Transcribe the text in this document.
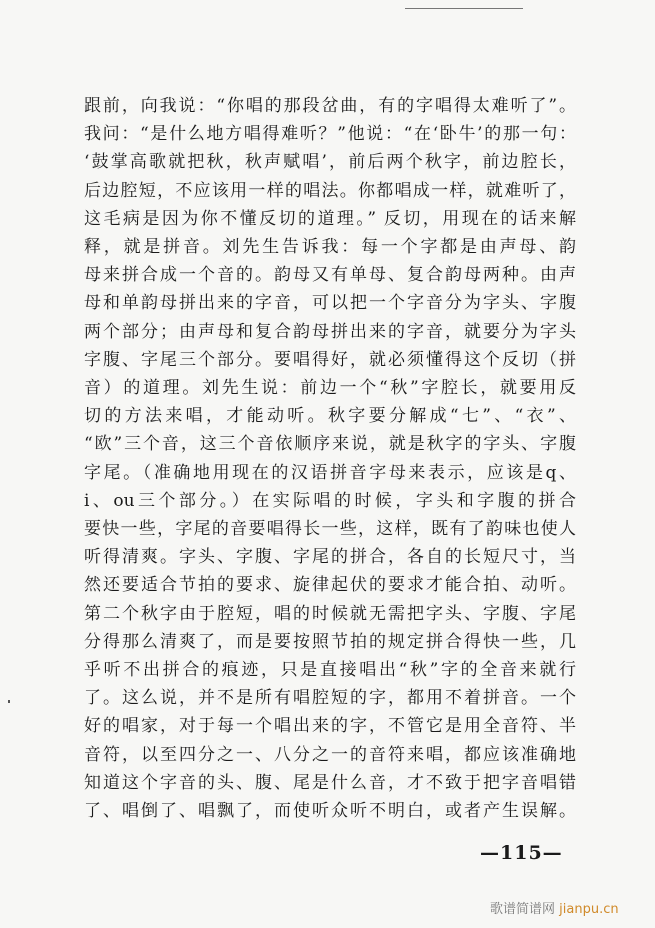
跟前，向我说：“你唱的那段岔曲，有的字唱得太难听了”。
我问：“是什么地方唱得难听？”他说：“在‘卧牛’的那一句：
‘鼓掌高歌就把秋，秋声赋唱’，前后两个秋字，前边腔长，
后边腔短，不应该用一样的唱法。你都唱成一样，就难听了，
这毛病是因为你不懂反切的道理。” 反切，用现在的话来解
释，就是拼音。刘先生告诉我：每一个字都是由声母、韵
母来拼合成一个音的。韵母又有单母、复合韵母两种。由声
母和单韵母拼出来的字音，可以把一个字音分为字头、字腹
两个部分；由声母和复合韵母拼出来的字音，就要分为字头
字腹、字尾三个部分。要唱得好，就必须懂得这个反切（拼
音）的道理。刘先生说：前边一个“秋”字腔长，就要用反
切的方法来唱，才能动听。秋字要分解成“七”、“衣”、
“欧”三个音，这三个音依顺序来说，就是秋字的字头、字腹
字尾。（准确地用现在的汉语拼音字母来表示，应该是q、
i、ou三个部分。）在实际唱的时候，字头和字腹的拼合
要快一些，字尾的音要唱得长一些，这样，既有了韵味也使人
听得清爽。字头、字腹、字尾的拼合，各自的长短尺寸，当
然还要适合节拍的要求、旋律起伏的要求才能合拍、动听。
第二个秋字由于腔短，唱的时候就无需把字头、字腹、字尾
分得那么清爽了，而是要按照节拍的规定拼合得快一些，几
乎听不出拼合的痕迹，只是直接唱出“秋”字的全音来就行
了。这么说，并不是所有唱腔短的字，都用不着拼音。一个
好的唱家，对于每一个唱出来的字，不管它是用全音符、半
音符，以至四分之一、八分之一的音符来唱，都应该准确地
知道这个字音的头、腹、尾是什么音，才不致于把字音唱错
了、唱倒了、唱飘了，而使听众听不明白，或者产生误解。
—115—
歌谱简谱网 jianpu.cn
